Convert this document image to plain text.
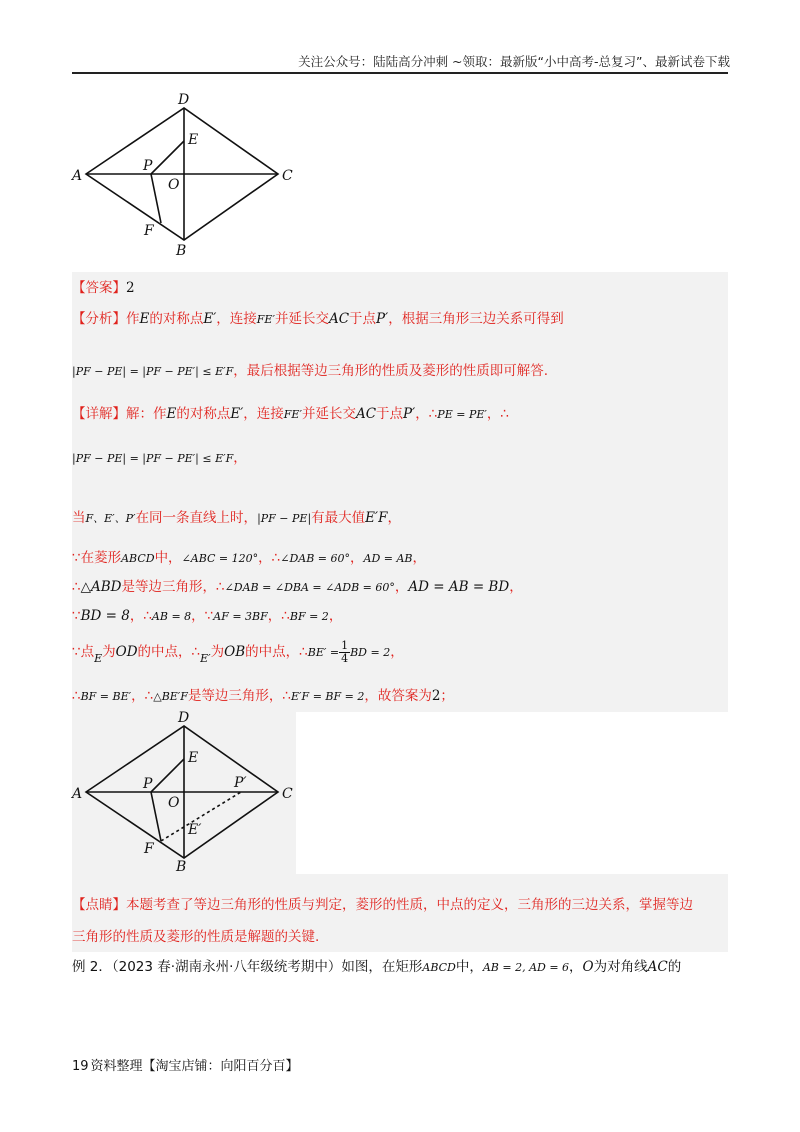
关注公众号：陆陆高分冲刺 ~领取：最新版“小中高考-总复习”、最新试卷下载
D
E
P
A
O
C
F
B
【答案】2
【分析】作E的对称点E′，连接FE′并延长交AC于点P′，根据三角形三边关系可得到
|PF − PE| = |PF − PE′| ≤ E′F，最后根据等边三角形的性质及菱形的性质即可解答.
【详解】解：作E的对称点E′，连接FE′并延长交AC于点P′，∴PE = PE′，∴
|PF − PE| = |PF − PE′| ≤ E′F，
当F、E′、P′在同一条直线上时，|PF − PE|有最大值E′F，
∵在菱形ABCD中，∠ABC = 120°，∴∠DAB = 60°，AD = AB，
∴△ABD是等边三角形，∴∠DAB = ∠DBA = ∠ADB = 60°，AD = AB = BD，
∵BD = 8，∴AB = 8，∵AF = 3BF，∴BF = 2，
∵点$_E$为OD的中点，$\therefore_{E'}$为OB的中点，∴BE′ = $\frac{1}{4}$ BD = 2，
∴BF = BE′，∴△BE′F是等边三角形，∴E′F = BF = 2，故答案为2；
D
E
P	P′
A
O
C
E′
F
B
【点睛】本题考查了等边三角形的性质与判定，菱形的性质，中点的定义，三角形的三边关系，掌握等边
三角形的性质及菱形的性质是解题的关键.
例 2．（2023 春·湖南永州·八年级统考期中）如图，在矩形ABCD中，AB = 2, AD = 6，O为对角线AC的
19 资料整理【淘宝店铺：向阳百分百】
